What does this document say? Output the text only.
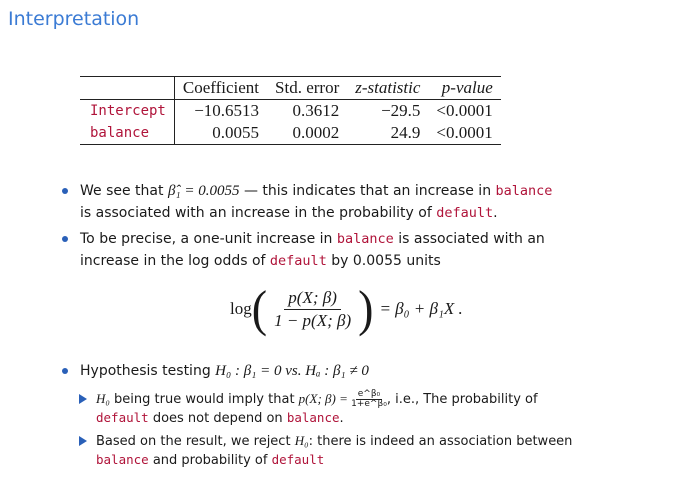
Interpretation
	Coefficient	Std. error	z-statistic	p-value
Intercept	−10.6513	0.3612	−29.5	<0.0001
balance	0.0055	0.0002	24.9	<0.0001
We see that β̂₁ = 0.0055 — this indicates that an increase in balance
is associated with an increase in the probability of default.
To be precise, a one-unit increase in balance is associated with an
increase in the log odds of default by 0.0055 units
log ( $\frac{p(X; \beta)}{1 - p(X; \beta)}$ ) = β₀ + β₁X .
Hypothesis testing H₀ : β₁ = 0 vs. Hₐ : β₁ ≠ 0
H₀ being true would imply that p(X; $\beta) = \frac{\text{e\textasciicircum{}β₀}}{\text{1+e\textasciicircum{}β₀}}$ , i.e., The probability of
default does not depend on balance.
Based on the result, we reject H₀: there is indeed an association between
balance and probability of default
